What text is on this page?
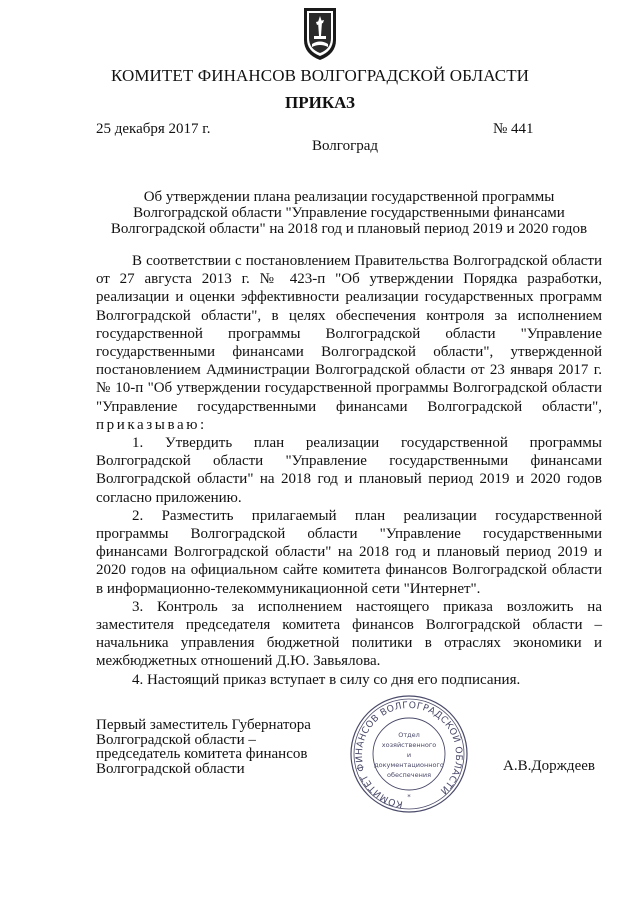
КОМИТЕТ ФИНАНСОВ ВОЛГОГРАДСКОЙ ОБЛАСТИ
ПРИКАЗ
25 декабря 2017 г.	№ 441
Волгоград
Об утверждении плана реализации государственной программы Волгоградской области "Управление государственными финансами Волгоградской области" на 2018 год и плановый период 2019 и 2020 годов

В соответствии с постановлением Правительства Волгоградской области от 27 августа 2013 г. № 423-п "Об утверждении Порядка разработки, реализации и оценки эффективности реализации государственных программ Волгоградской области", в целях обеспечения контроля за исполнением государственной программы Волгоградской области "Управление государственными финансами Волгоградской области", утвержденной постановлением Администрации Волгоградской области от 23 января 2017 г. № 10-п "Об утверждении государственной программы Волгоградской области "Управление государственными финансами Волгоградской области", приказываю:

1. Утвердить план реализации государственной программы Волгоградской области "Управление государственными финансами Волгоградской области" на 2018 год и плановый период 2019 и 2020 годов согласно приложению.

2. Разместить прилагаемый план реализации государственной программы Волгоградской области "Управление государственными финансами Волгоградской области" на 2018 год и плановый период 2019 и 2020 годов на официальном сайте комитета финансов Волгоградской области в информационно-телекоммуникационной сети "Интернет".

3. Контроль за исполнением настоящего приказа возложить на заместителя председателя комитета финансов Волгоградской области – начальника управления бюджетной политики в отраслях экономики и межбюджетных отношений Д.Ю. Завьялова.

4. Настоящий приказ вступает в силу со дня его подписания.

Первый заместитель Губернатора
Волгоградской области –
председатель комитета финансов
Волгоградской области	А.В.Дорждеев
КОМИТЕТ ФИНАНСОВ ВОЛГОГРАДСКОЙ ОБЛАСТИ
*
Отдел
хозяйственного
и
документационного
обеспечения
